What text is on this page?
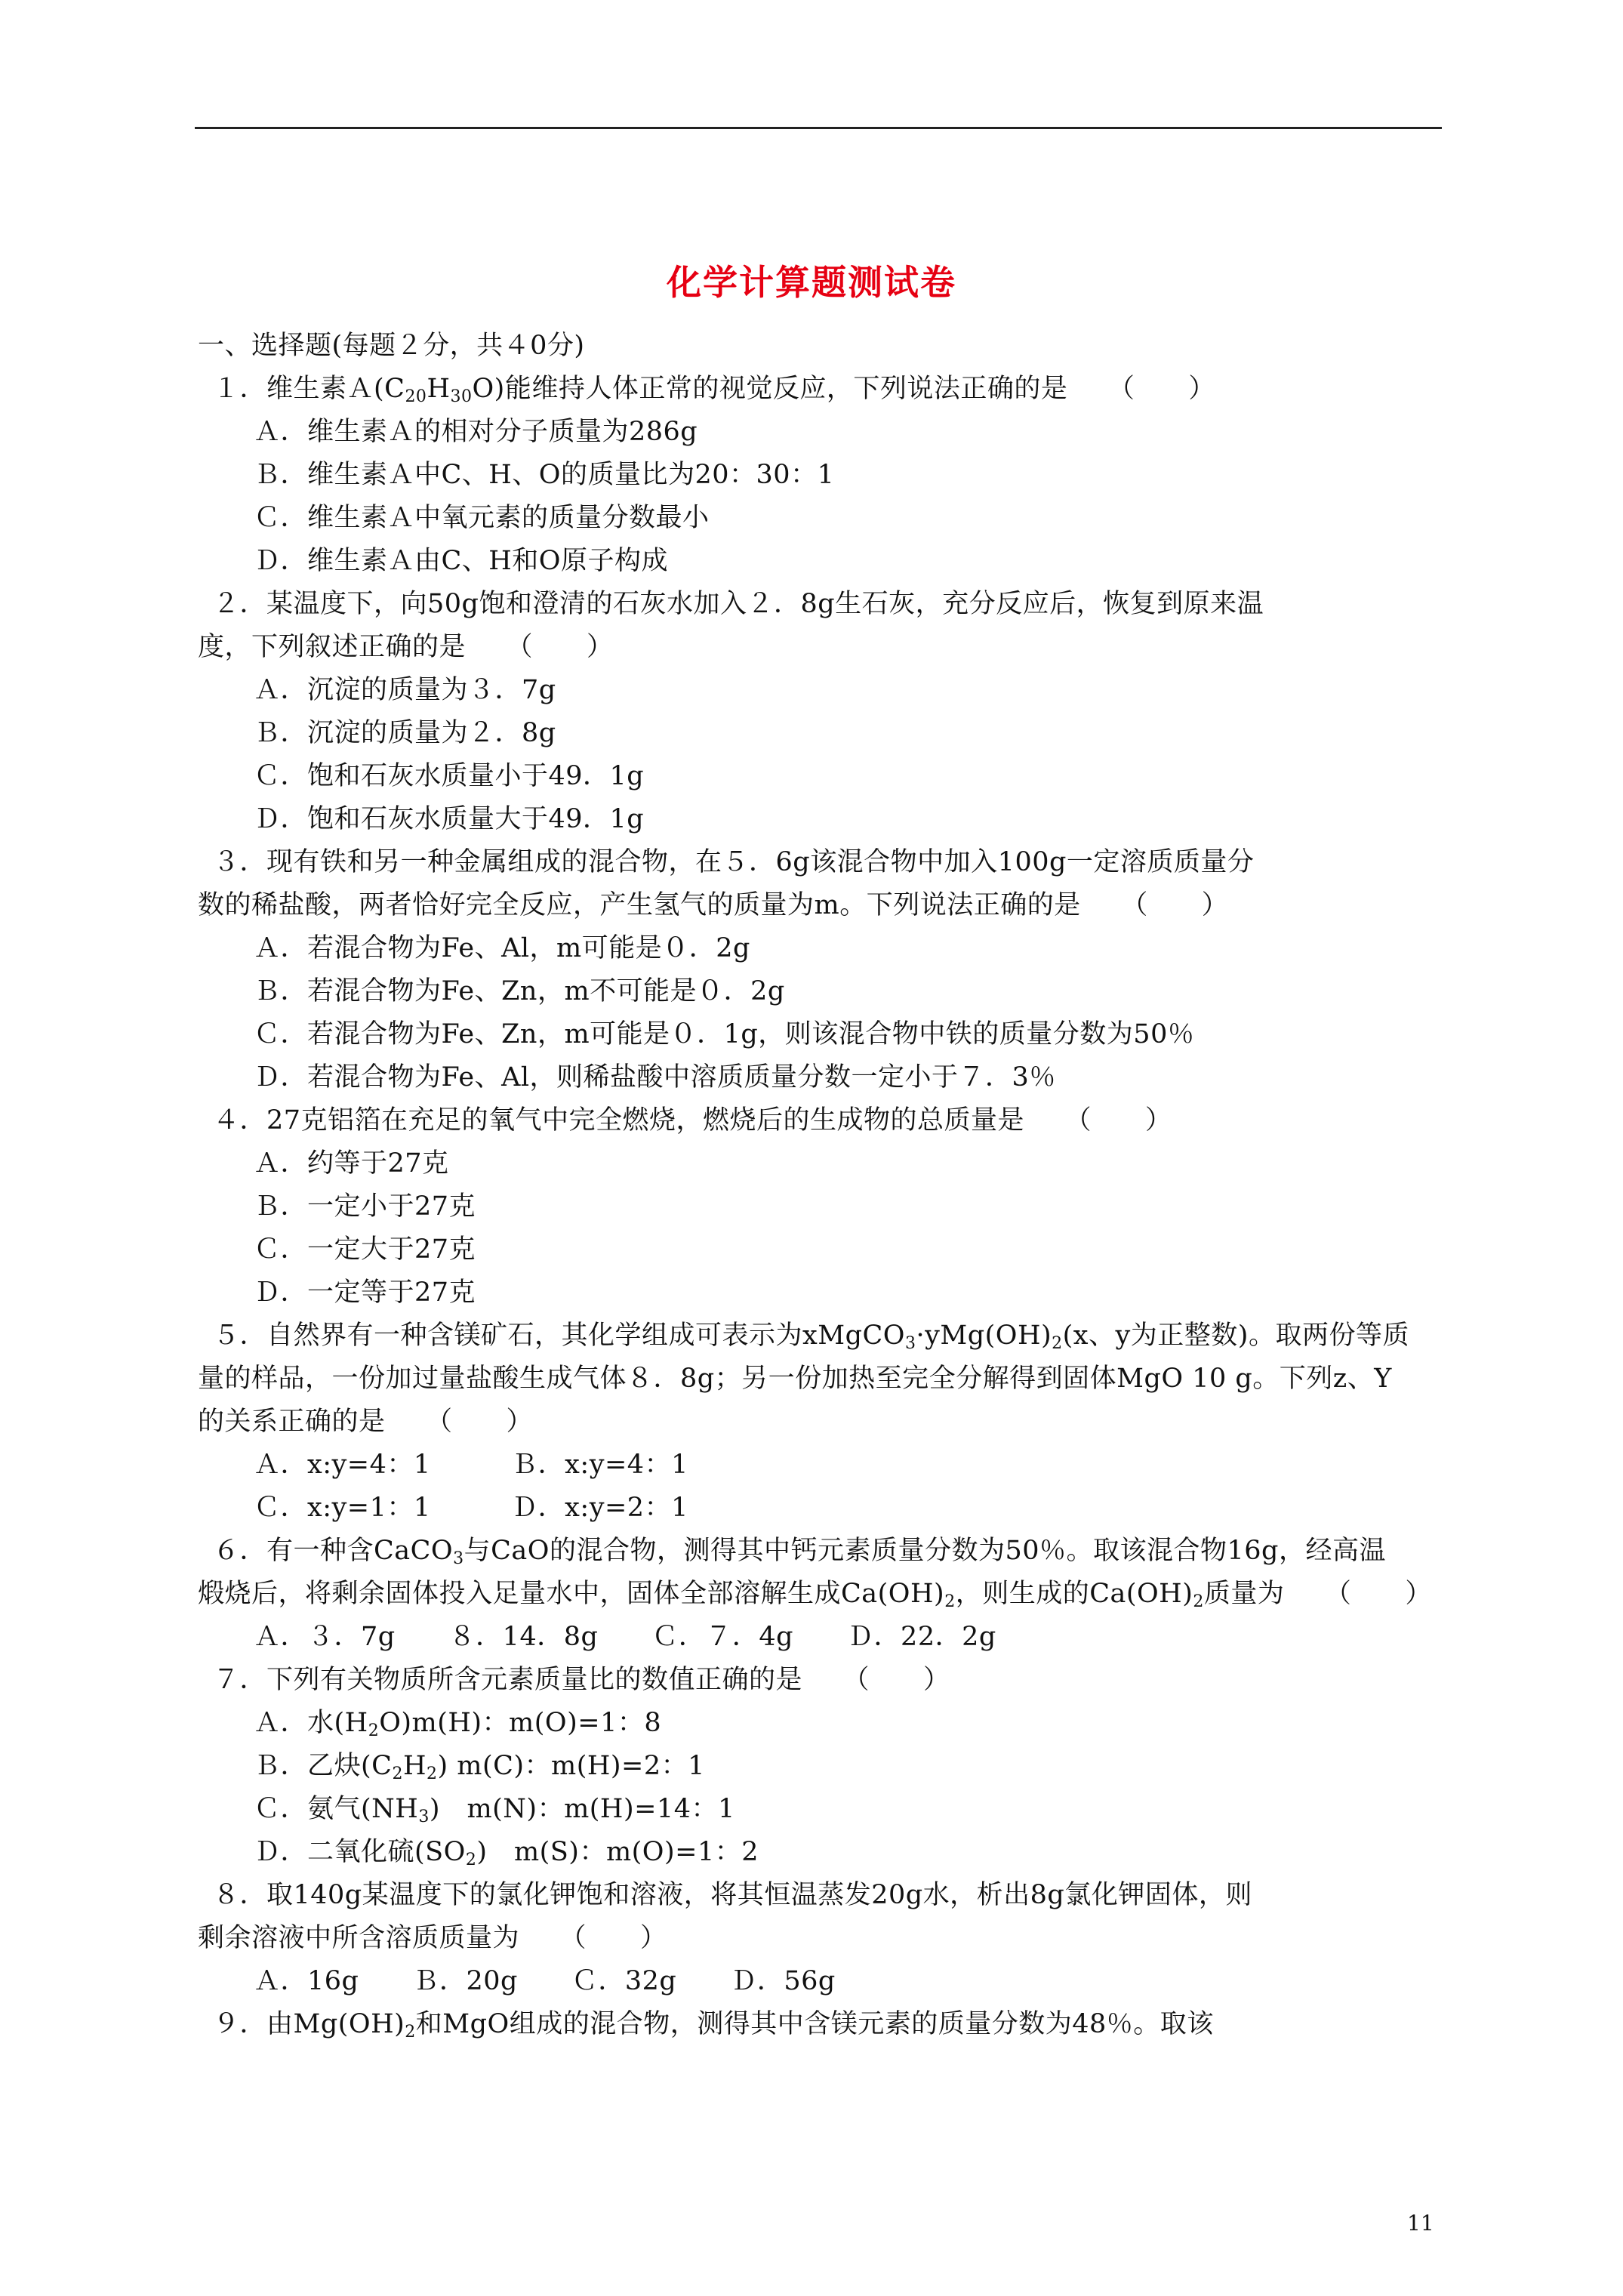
化学计算题测试卷
一、选择题(每题２分，共４0分)
１．维生素$A(C_{20}H_{30}O)$能维持人体正常的视觉反应，下列说法正确的是　　（　　）
Ａ．维生素Ａ的相对分子质量为286g
Ｂ．维生素Ａ中C、H、O的质量比为20：30：1
Ｃ．维生素Ａ中氧元素的质量分数最小
Ｄ．维生素Ａ由C、H和O原子构成
２．某温度下，向50g饱和澄清的石灰水加入２．8g生石灰，充分反应后，恢复到原来温
度，下列叙述正确的是　　（　　）
Ａ．沉淀的质量为３．7g
Ｂ．沉淀的质量为２．8g
Ｃ．饱和石灰水质量小于49．1g
Ｄ．饱和石灰水质量大于49．1g
３．现有铁和另一种金属组成的混合物，在５．6g该混合物中加入100g一定溶质质量分
数的稀盐酸，两者恰好完全反应，产生氢气的质量为m。下列说法正确的是　　（　　）
Ａ．若混合物为Fe、Al，m可能是０．2g
Ｂ．若混合物为Fe、Zn，m不可能是０．2g
Ｃ．若混合物为Fe、Zn，m可能是０．1g，则该混合物中铁的质量分数为50％
Ｄ．若混合物为Fe、Al，则稀盐酸中溶质质量分数一定小于７．3％
４．27克铝箔在充足的氧气中完全燃烧，燃烧后的生成物的总质量是　　（　　）
Ａ．约等于27克
Ｂ．一定小于27克
Ｃ．一定大于27克
Ｄ．一定等于27克
５．自然界有一种含镁矿石，其化学组成可表示为$xMgCO_3\cdot yMg(OH)_2(x$、y为正整数)。取两份等质
量的样品，一份加过量盐酸生成气体８．8g；另一份加热至完全分解得到固体MgO 10 g。下列z、Y
的关系正确的是　　（　　）
Ａ．x:y=4：1　　　Ｂ．x:y=4：1
Ｃ．x:y=1：1　　　Ｄ．x:y=2：1
６．有一种含CaCO$_3$与CaO的混合物，测得其中钙元素质量分数为50％。取该混合物16g，经高温
煅烧后，将剩余固体投入足量水中，固体全部溶解生成$Ca(OH)_2$，则生成的$Ca(OH)_2$质量为　　（　　）
Ａ．３．7g　　８．14．8g　　Ｃ．７．4g　　Ｄ．22．2g
７．下列有关物质所含元素质量比的数值正确的是　　（　　）
Ａ．水$(H_2O)m(H)$：m(O)=1：8
Ｂ．乙炔$(C_2H_2)$ m(C)：m(H)=2：1
Ｃ．氨气$(NH_3)$　m(N)：m(H)=14：1
Ｄ．二氧化硫$(SO_2)$　m(S)：m(O)=1：2
８．取140g某温度下的氯化钾饱和溶液，将其恒温蒸发20g水，析出8g氯化钾固体，则
剩余溶液中所含溶质质量为　　（　　）
Ａ．16g　　Ｂ．20g　　Ｃ．32g　　Ｄ．56g
９．由$Mg(OH)_2$和MgO组成的混合物，测得其中含镁元素的质量分数为48％。取该
11
